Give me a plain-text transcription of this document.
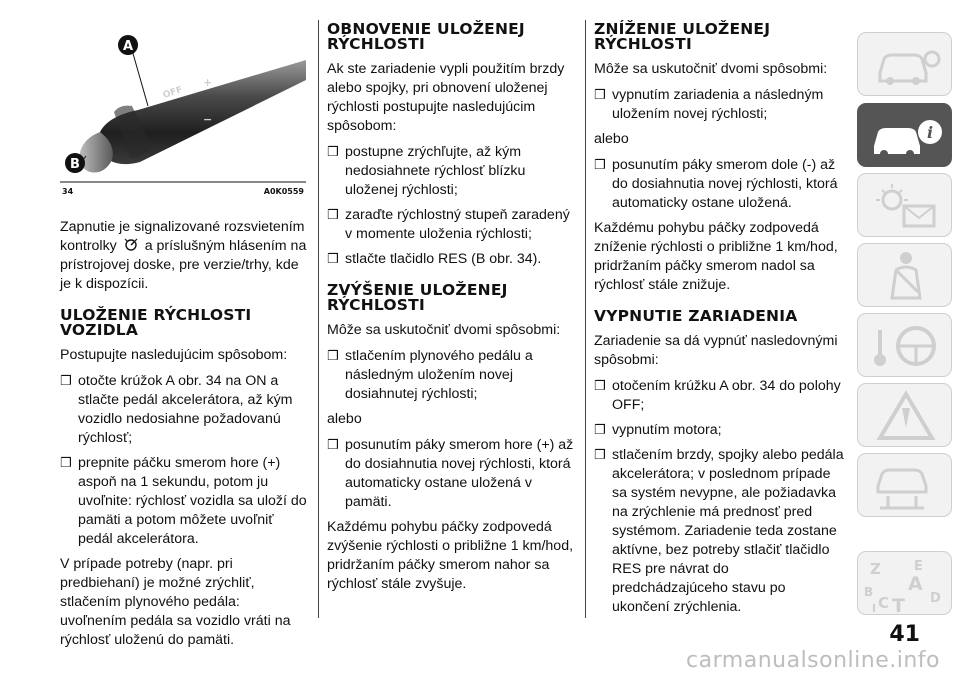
OFF
+
−
A
B
34	A0K0559

Zapnutie je signalizované rozsvietením kontrolky a príslušným hlásením na prístrojovej doske, pre verzie/trhy, kde je k dispozícii.

ULOŽENIE RÝCHLOSTI VOZIDLA

Postupujte nasledujúcim spôsobom:

❒ otočte krúžok A obr. 34 na ON a stlačte pedál akcelerátora, až kým vozidlo nedosiahne požadovanú rýchlosť;
❒ prepnite páčku smerom hore (+) aspoň na 1 sekundu, potom ju uvoľnite: rýchlosť vozidla sa uloží do pamäti a potom môžete uvoľniť pedál akcelerátora.

V prípade potreby (napr. pri predbiehaní) je možné zrýchliť, stlačením plynového pedála: uvoľnením pedála sa vozidlo vráti na rýchlosť uloženú do pamäti.

OBNOVENIE ULOŽENEJ RÝCHLOSTI

Ak ste zariadenie vypli použitím brzdy alebo spojky, pri obnovení uloženej rýchlosti postupujte nasledujúcim spôsobom:

❒ postupne zrýchľujte, až kým nedosiahnete rýchlosť blízku uloženej rýchlosti;
❒ zaraďte rýchlostný stupeň zaradený v momente uloženia rýchlosti;
❒ stlačte tlačidlo RES (B obr. 34).
ZVÝŠENIE ULOŽENEJ RÝCHLOSTI

Môže sa uskutočniť dvomi spôsobmi:

❒ stlačením plynového pedálu a následným uložením novej dosiahnutej rýchlosti;

alebo

❒ posunutím páky smerom hore (+) až do dosiahnutia novej rýchlosti, ktorá automaticky ostane uložená v pamäti.

Každému pohybu páčky zodpovedá zvýšenie rýchlosti o približne 1 km/hod, pridržaním páčky smerom nahor sa rýchlosť stále zvyšuje.

ZNÍŽENIE ULOŽENEJ RÝCHLOSTI

Môže sa uskutočniť dvomi spôsobmi:

❒ vypnutím zariadenia a následným uložením novej rýchlosti;

alebo

❒ posunutím páky smerom dole (-) až do dosiahnutia novej rýchlosti, ktorá automaticky ostane uložená.

Každému pohybu páčky zodpovedá zníženie rýchlosti o približne 1 km/hod, pridržaním páčky smerom nadol sa rýchlosť stále znižuje.

VYPNUTIE ZARIADENIA

Zariadenie sa dá vypnúť nasledovnými spôsobmi:

❒ otočením krúžku A obr. 34 do polohy OFF;
❒ vypnutím motora;
❒ stlačením brzdy, spojky alebo pedála akcelerátora; v poslednom prípade sa systém nevypne, ale požiadavka na zrýchlenie má prednosť pred systémom. Zariadenie teda zostane aktívne, bez potreby stlačiť tlačidlo RES pre návrat do predchádzajúceho stavu po ukončení zrýchlenia.
i
Z	E
A
B
C T D
I
41
carmanualsonline.info
